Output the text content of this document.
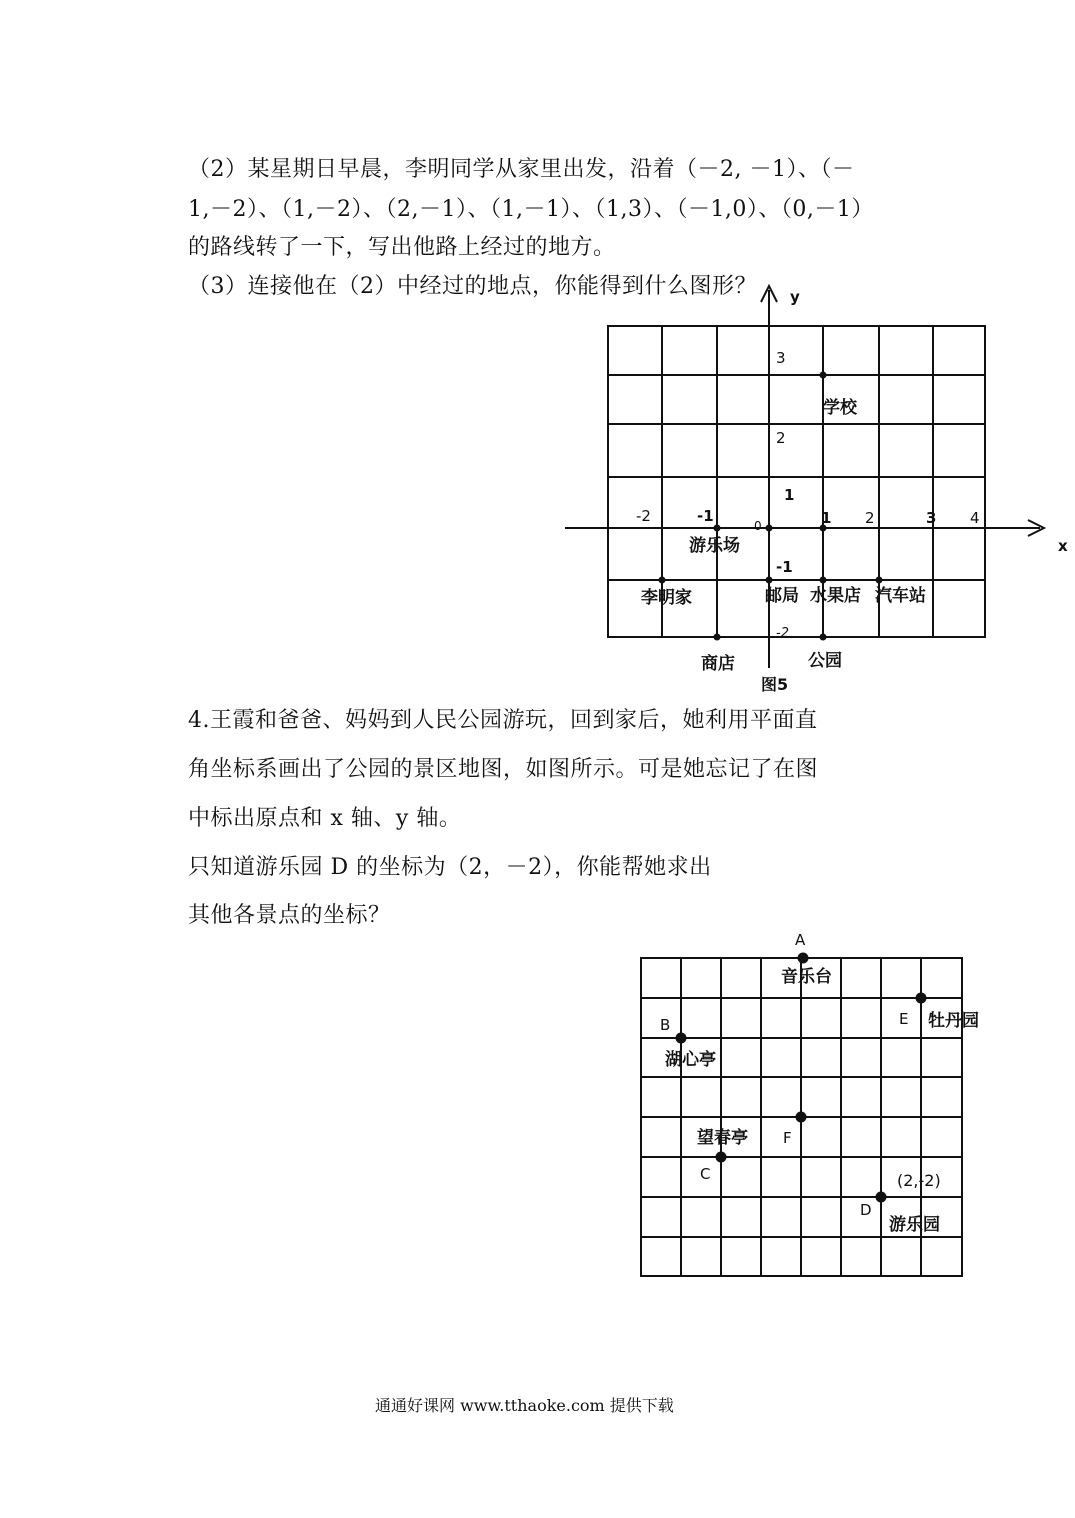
（2）某星期日早晨，李明同学从家里出发，沿着（－2, －1）、（－
1,－2）、（1,－2）、（2,－1）、（1,－1）、（1,3）、（－1,0）、（0,－1）
的路线转了一下，写出他路上经过的地方。
（3）连接他在（2）中经过的地点，你能得到什么图形？
-2	-1	1 2	3 4
0
3
2
1
-1
-2
x
y
学校
游乐场
李明家	邮局 水果店 汽车站
商店	公园
图5
A
音乐台
B
湖心亭
C
望春亭
D
游乐园
(2,-2)
E 牡丹园
F
4.王霞和爸爸、妈妈到人民公园游玩，回到家后，她利用平面直
角坐标系画出了公园的景区地图，如图所示。可是她忘记了在图
中标出原点和 x 轴、y 轴。
只知道游乐园 D 的坐标为（2，－2），你能帮她求出
其他各景点的坐标？
通通好课网 www.tthaoke.com 提供下载
